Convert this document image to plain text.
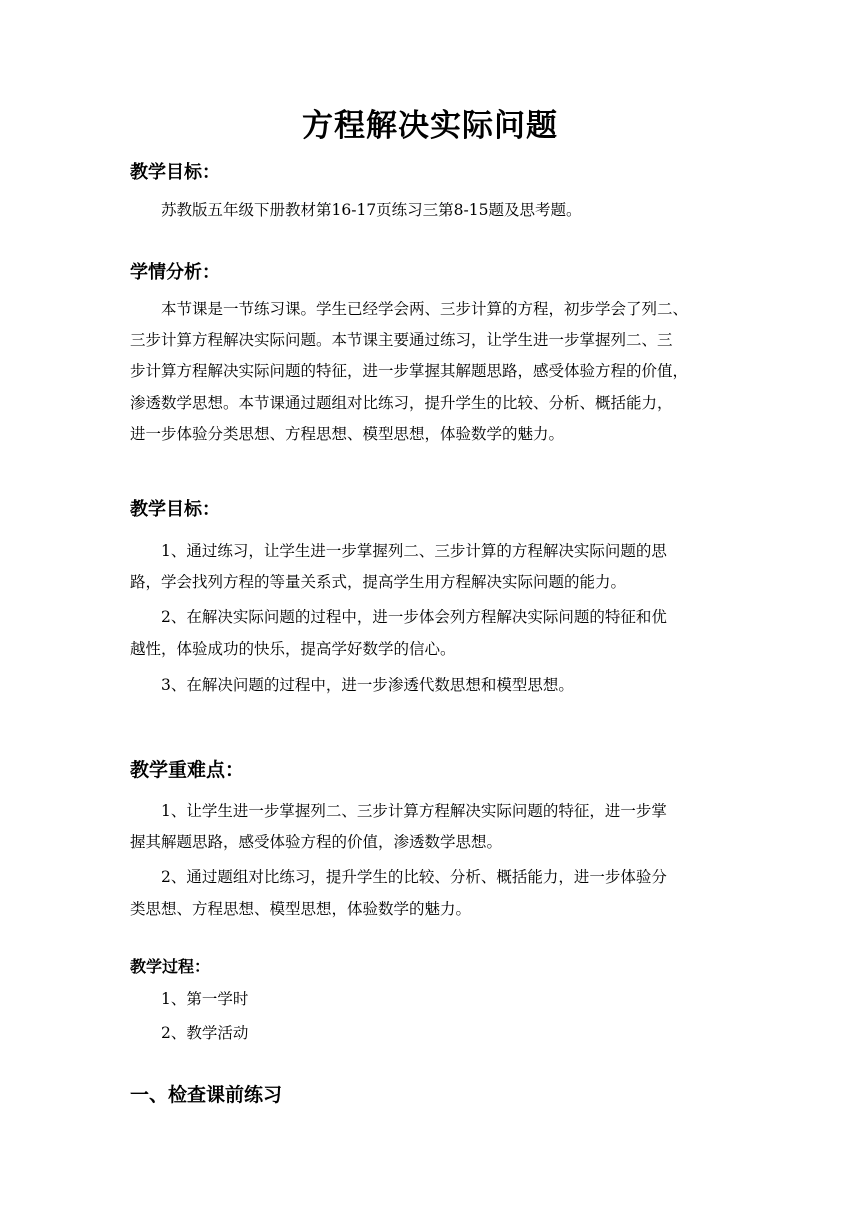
方程解决实际问题
教学目标：
苏教版五年级下册教材第16-17页练习三第8-15题及思考题。
学情分析：
本节课是一节练习课。学生已经学会两、三步计算的方程，初步学会了列二、
三步计算方程解决实际问题。本节课主要通过练习，让学生进一步掌握列二、三
步计算方程解决实际问题的特征，进一步掌握其解题思路，感受体验方程的价值，
渗透数学思想。本节课通过题组对比练习，提升学生的比较、分析、概括能力，
进一步体验分类思想、方程思想、模型思想，体验数学的魅力。
教学目标：
1、通过练习，让学生进一步掌握列二、三步计算的方程解决实际问题的思
路，学会找列方程的等量关系式，提高学生用方程解决实际问题的能力。
2、在解决实际问题的过程中，进一步体会列方程解决实际问题的特征和优
越性，体验成功的快乐，提高学好数学的信心。
3、在解决问题的过程中，进一步渗透代数思想和模型思想。
教学重难点：
1、让学生进一步掌握列二、三步计算方程解决实际问题的特征，进一步掌
握其解题思路，感受体验方程的价值，渗透数学思想。
2、通过题组对比练习，提升学生的比较、分析、概括能力，进一步体验分
类思想、方程思想、模型思想，体验数学的魅力。
教学过程：
1、第一学时
2、教学活动
一、检查课前练习
